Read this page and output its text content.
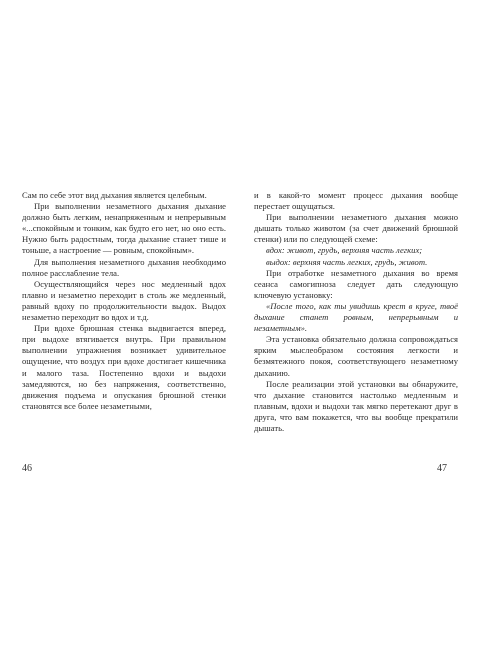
Сам по себе этот вид дыхания является целебным.

При выполнении незаметного дыхания дыхание должно быть легким, ненапряженным и непрерывным «...спокойным и тонким, как будто его нет, но оно есть. Нужно быть радостным, тогда дыхание станет тише и тоньше, а настроение — ровным, спокойным».

Для выполнения незаметного дыхания необходимо полное расслабление тела.

Осуществляющийся через нос медленный вдох плавно и незаметно переходит в столь же медленный, равный вдоху по продолжительности выдох. Выдох незаметно переходит во вдох и т.д.

При вдохе брюшная стенка выдвигается вперед, при выдохе втягивается внутрь. При правильном выполнении упражнения возникает удивительное ощущение, что воздух при вдохе достигает кишечника и малого таза. Постепенно вдохи и выдохи замедляются, но без напряжения, соответственно, движения подъема и опускания брюшной стенки становятся все более незаметными,

и в какой-то момент процесс дыхания вообще перестает ощущаться.

При выполнении незаметного дыхания можно дышать только животом (за счет движений брюшной стенки) или по следующей схеме:

вдох: живот, грудь, верхняя часть легких;

выдох: верхняя часть легких, грудь, живот.

При отработке незаметного дыхания во время сеанса самогипноза следует дать следующую ключевую установку:

«После того, как ты увидишь крест в круге, твоё дыхание станет ровным, непрерывным и незаметным».

Эта установка обязательно должна сопровождаться ярким мыслеобразом состояния легкости и безмятежного покоя, соответствующего незаметному дыханию.

После реализации этой установки вы обнаружите, что дыхание становится настолько медленным и плавным, вдохи и выдохи так мягко перетекают друг в друга, что вам покажется, что вы вообще прекратили дышать.

46	47
